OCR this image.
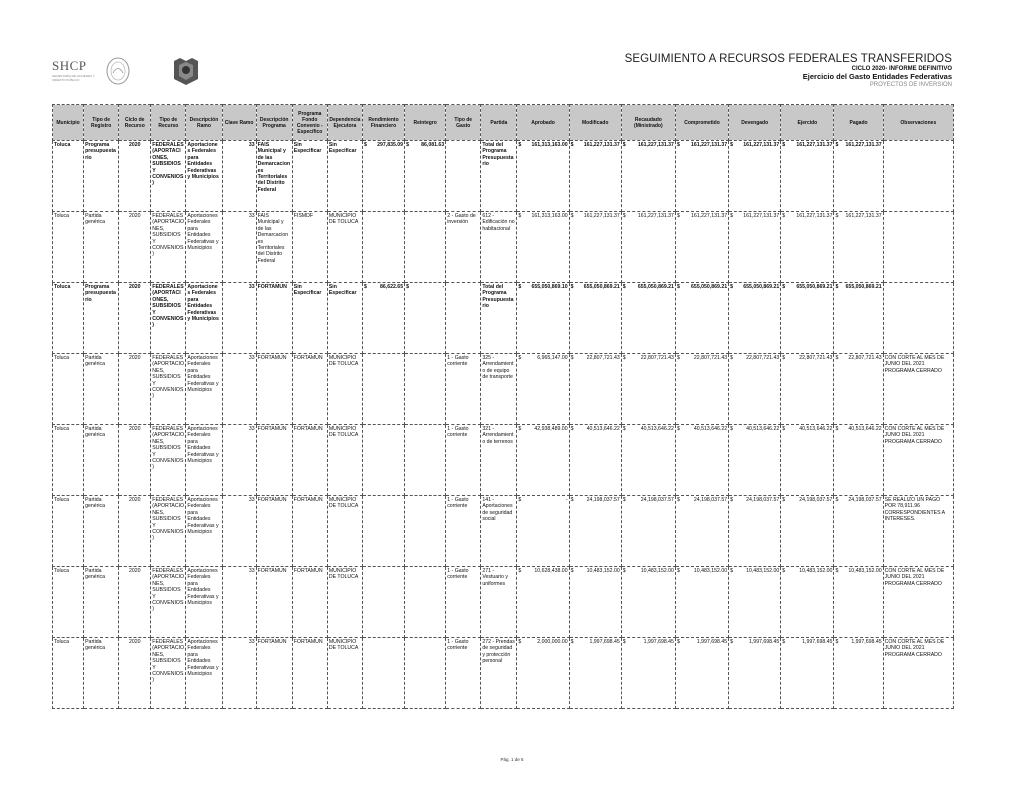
SHCP
SECRETARÍA DE HACIENDA Y CRÉDITO PÚBLICO
SEGUIMIENTO A RECURSOS FEDERALES TRANSFERIDOS
CICLO 2020- INFORME DEFINITIVO
Ejercicio del Gasto Entidades Federativas
PROYECTOS DE INVERSION
Municipio	Tipo de Registro	Ciclo de Recurso	Tipo de Recurso	Descripción Ramo	Clave Ramo	Descripción Programa	Programa Fondo Convenio - Específico	Dependencia Ejecutora	Rendimiento Financiero	Reintegro	Tipo de Gasto	Partida	Aprobado	Modificado	Recaudado (Ministrado)	Comprometido	Devengado	Ejercido	Pagado	Observaciones
Toluca	Programa presupuestario	2020	FEDERALES (APORTACIONES, SUBSIDIOS Y CONVENIOS)	Aportaciones Federales para Entidades Federativas y Municipios	33	FAIS Municipal y de las Demarcaciones Territoriales del Distrito Federal	Sin Especificar	Sin Especificar	$ 297,835.09	$ 86,081.63		Total del Programa Presupuestario	$ 161,313,163.00	$ 161,227,131.37	$ 161,227,131.37	$ 161,227,131.37	$ 161,227,131.37	$ 161,227,131.37	$ 161,227,131.37	

Toluca	Partida genérica	2020	FEDERALES (APORTACIONES, SUBSIDIOS Y CONVENIOS)	Aportaciones Federales para Entidades Federativas y Municipios	33	FAIS Municipal y de las Demarcaciones Territoriales del Distrito Federal	FISMDF	MUNICIPIO DE TOLUCA			2 - Gasto de inversión	612 - Edificación no habitacional	$ 161,313,163.00	$ 161,227,131.37	$ 161,227,131.37	$ 161,227,131.37	$ 161,227,131.37	$ 161,227,131.37	$ 161,227,131.37	

Toluca	Programa presupuestario	2020	FEDERALES (APORTACIONES, SUBSIDIOS Y CONVENIOS)	Aportaciones Federales para Entidades Federativas y Municipios	33	FORTAMUN	Sin Especificar	Sin Especificar	$ 86,622.65	$ -		Total del Programa Presupuestario	$ 655,050,869.10	$ 655,050,869.21	$ 655,050,869.21	$ 655,050,869.21	$ 655,050,869.21	$ 655,050,869.21	$ 655,050,869.21	

Toluca	Partida genérica	2020	FEDERALES (APORTACIONES, SUBSIDIOS Y CONVENIOS)	Aportaciones Federales para Entidades Federativas y Municipios	33	FORTAMUN	FORTAMUN	MUNICIPIO DE TOLUCA			1 - Gasto corriente	325 - Arrendamiento de equipo de transporte	$ 6,965,147.00	$ 22,807,721.43	$ 22,807,721.43	$ 22,807,721.43	$ 22,807,721.43	$ 22,807,721.43	$ 22,807,721.43	CON CORTE AL MES DE JUNIO DEL 2021 PROGRAMA CERRADO
Toluca	Partida genérica	2020	FEDERALES (APORTACIONES, SUBSIDIOS Y CONVENIOS)	Aportaciones Federales para Entidades Federativas y Municipios	33	FORTAMUN	FORTAMUN	MUNICIPIO DE TOLUCA			1 - Gasto corriente	321 - Arrendamiento de terrenos	$ 42,938,489.00	$ 40,513,646.22	$ 40,513,646.22	$ 40,513,646.22	$ 40,513,646.22	$ 40,513,646.22	$ 40,513,646.22	CON CORTE AL MES DE JUNIO DEL 2021 PROGRAMA CERRADO
Toluca	Partida genérica	2020	FEDERALES (APORTACIONES, SUBSIDIOS Y CONVENIOS)	Aportaciones Federales para Entidades Federativas y Municipios	33	FORTAMUN	FORTAMUN	MUNICIPIO DE TOLUCA			1 - Gasto corriente	141 - Aportaciones de seguridad social	$ -	$ 24,198,037.57	$ 24,198,037.57	$ 24,198,037.57	$ 24,198,037.57	$ 24,198,037.57	$ 24,198,037.57	SE REALIZO UN PAGO POR 78,911.96 CORRESPONDIENTES A INTERESES.
Toluca	Partida genérica	2020	FEDERALES (APORTACIONES, SUBSIDIOS Y CONVENIOS)	Aportaciones Federales para Entidades Federativas y Municipios	33	FORTAMUN	FORTAMUN	MUNICIPIO DE TOLUCA			1 - Gasto corriente	271 - Vestuario y uniformes	$ 10,628,438.00	$ 10,483,152.00	$ 10,483,152.00	$ 10,483,152.00	$ 10,483,152.00	$ 10,483,152.00	$ 10,483,152.00	CON CORTE AL MES DE JUNIO DEL 2021 PROGRAMA CERRADO
Toluca	Partida genérica	2020	FEDERALES (APORTACIONES, SUBSIDIOS Y CONVENIOS)	Aportaciones Federales para Entidades Federativas y Municipios	33	FORTAMUN	FORTAMUN	MUNICIPIO DE TOLUCA			1 - Gasto corriente	272 - Prendas de seguridad y protección personal	$ 2,000,000.00	$ 1,997,698.45	$ 1,997,698.45	$ 1,997,698.45	$ 1,997,698.45	$ 1,997,698.45	$ 1,997,698.45	CON CORTE AL MES DE JUNIO DEL 2021 PROGRAMA CERRADO
Pág. 1 de 5
